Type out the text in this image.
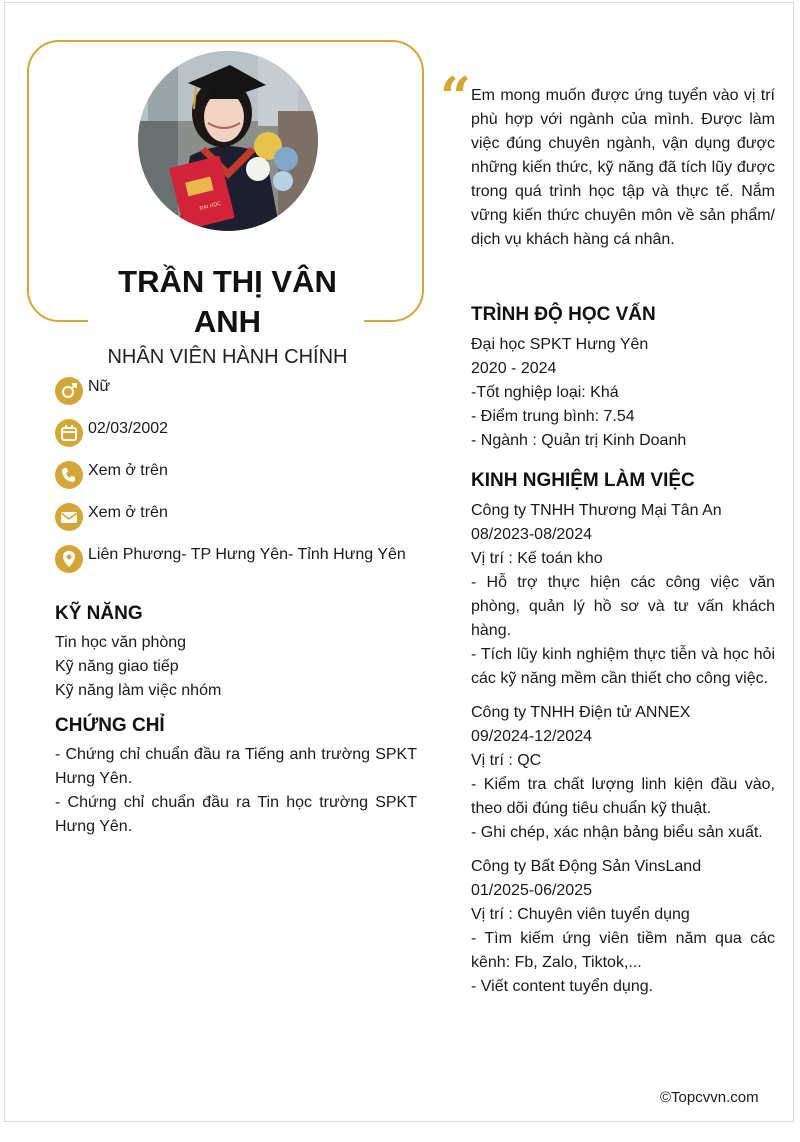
ĐẠI HỌC
TRẦN THỊ VÂN ANH
NHÂN VIÊN HÀNH CHÍNH
Nữ
02/03/2002
Xem ở trên
Xem ở trên
Liên Phương- TP Hưng Yên- Tỉnh Hưng Yên
KỸ NĂNG
Tin học văn phòng
Kỹ năng giao tiếp
Kỹ năng làm việc nhóm
CHỨNG CHỈ
- Chứng chỉ chuẩn đầu ra Tiếng anh trường SPKT Hưng Yên.
- Chứng chỉ chuẩn đầu ra Tin học trường SPKT Hưng Yên.
“ Em mong muốn được ứng tuyển vào vị trí phù hợp với ngành của mình. Được làm việc đúng chuyên ngành, vận dụng được những kiến thức, kỹ năng đã tích lũy được trong quá trình học tập và thực tế. Nắm vững kiến thức chuyên môn về sản phẩm/ dịch vụ khách hàng cá nhân.
TRÌNH ĐỘ HỌC VẤN
Đại học SPKT Hưng Yên
2020 - 2024
-Tốt nghiệp loại: Khá
- Điểm trung bình: 7.54
- Ngành : Quản trị Kinh Doanh
KINH NGHIỆM LÀM VIỆC
Công ty TNHH Thương Mại Tân An
08/2023-08/2024
Vị trí : Kế toán kho
- Hỗ trợ thực hiện các công việc văn phòng, quản lý hồ sơ và tư vấn khách hàng.
- Tích lũy kinh nghiệm thực tiễn và học hỏi các kỹ năng mềm cần thiết cho công việc.
Công ty TNHH Điện tử ANNEX
09/2024-12/2024
Vị trí : QC
- Kiểm tra chất lượng linh kiện đầu vào, theo dõi đúng tiêu chuẩn kỹ thuật.
- Ghi chép, xác nhận bảng biểu sản xuất.
Công ty Bất Động Sản VinsLand
01/2025-06/2025
Vị trí : Chuyên viên tuyển dụng
- Tìm kiếm ứng viên tiềm năm qua các kênh: Fb, Zalo, Tiktok,...
- Viết content tuyển dụng.
©Topcvvn.com
